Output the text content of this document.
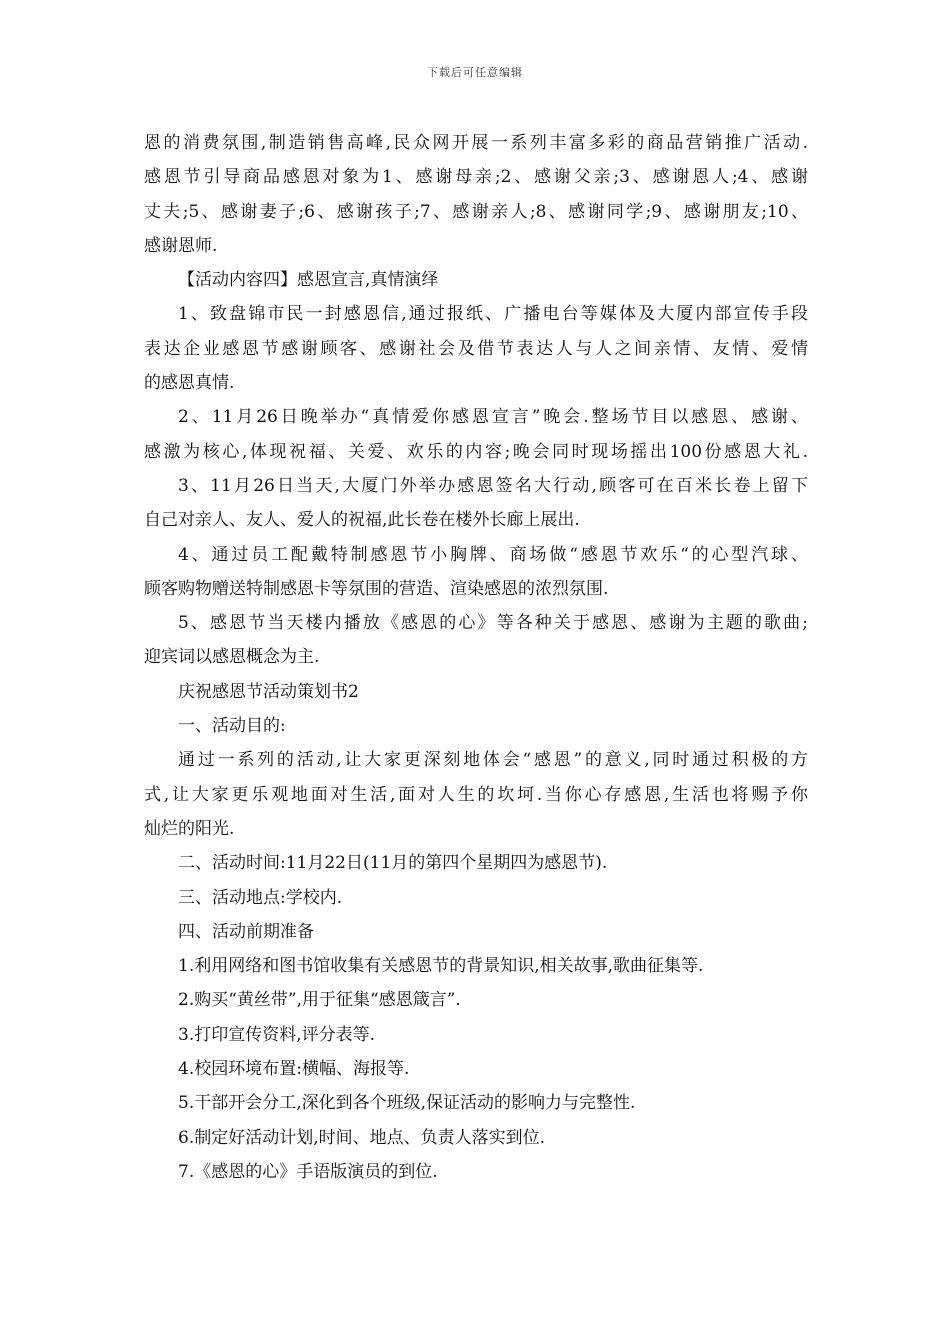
下载后可任意编辑
恩的消费氛围,制造销售高峰,民众网开展一系列丰富多彩的商品营销推广活动.
感恩节引导商品感恩对象为1、感谢母亲;2、感谢父亲;3、感谢恩人;4、感谢
丈夫;5、感谢妻子;6、感谢孩子;7、感谢亲人;8、感谢同学;9、感谢朋友;10、
感谢恩师.
【活动内容四】感恩宣言,真情演绎
1、致盘锦市民一封感恩信,通过报纸、广播电台等媒体及大厦内部宣传手段
表达企业感恩节感谢顾客、感谢社会及借节表达人与人之间亲情、友情、爱情
的感恩真情.
2、11月26日晚举办“真情爱你感恩宣言”晚会.整场节目以感恩、感谢、
感激为核心,体现祝福、关爱、欢乐的内容;晚会同时现场摇出100份感恩大礼.
3、11月26日当天,大厦门外举办感恩签名大行动,顾客可在百米长卷上留下
自己对亲人、友人、爱人的祝福,此长卷在楼外长廊上展出.
4、通过员工配戴特制感恩节小胸牌、商场做“感恩节欢乐“的心型汽球、
顾客购物赠送特制感恩卡等氛围的营造、渲染感恩的浓烈氛围.
5、感恩节当天楼内播放《感恩的心》等各种关于感恩、感谢为主题的歌曲;
迎宾词以感恩概念为主.
庆祝感恩节活动策划书2
一、活动目的:
通过一系列的活动,让大家更深刻地体会“感恩”的意义,同时通过积极的方
式,让大家更乐观地面对生活,面对人生的坎坷.当你心存感恩,生活也将赐予你
灿烂的阳光.
二、活动时间:11月22日(11月的第四个星期四为感恩节).
三、活动地点:学校内.
四、活动前期准备
1.利用网络和图书馆收集有关感恩节的背景知识,相关故事,歌曲征集等.
2.购买“黄丝带”,用于征集“感恩箴言”.
3.打印宣传资料,评分表等.
4.校园环境布置:横幅、海报等.
5.干部开会分工,深化到各个班级,保证活动的影响力与完整性.
6.制定好活动计划,时间、地点、负责人落实到位.
7.《感恩的心》手语版演员的到位.
